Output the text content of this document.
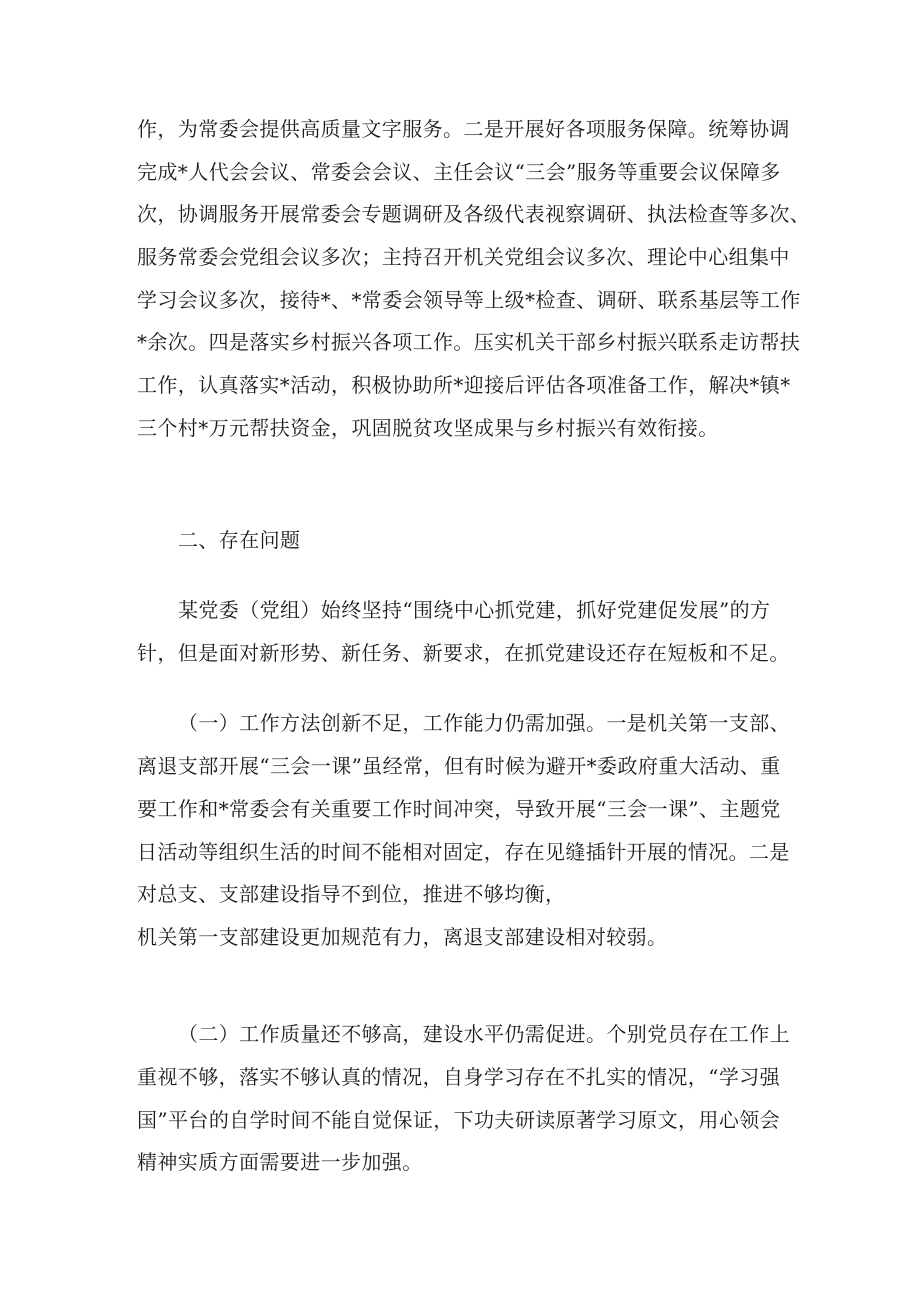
作，为常委会提供高质量文字服务。二是开展好各项服务保障。统筹协调
完成*人代会会议、常委会会议、主任会议“三会”服务等重要会议保障多
次，协调服务开展常委会专题调研及各级代表视察调研、执法检查等多次、
服务常委会党组会议多次；主持召开机关党组会议多次、理论中心组集中
学习会议多次，接待*、*常委会领导等上级*检查、调研、联系基层等工作
*余次。四是落实乡村振兴各项工作。压实机关干部乡村振兴联系走访帮扶
工作，认真落实*活动，积极协助所*迎接后评估各项准备工作，解决*镇*
三个村*万元帮扶资金，巩固脱贫攻坚成果与乡村振兴有效衔接。
二、存在问题
某党委（党组）始终坚持“围绕中心抓党建，抓好党建促发展”的方
针，但是面对新形势、新任务、新要求，在抓党建设还存在短板和不足。
（一）工作方法创新不足，工作能力仍需加强。一是机关第一支部、
离退支部开展“三会一课”虽经常，但有时候为避开*委政府重大活动、重
要工作和*常委会有关重要工作时间冲突，导致开展“三会一课”、主题党
日活动等组织生活的时间不能相对固定，存在见缝插针开展的情况。二是
对总支、支部建设指导不到位，推进不够均衡，
机关第一支部建设更加规范有力，离退支部建设相对较弱。
（二）工作质量还不够高，建设水平仍需促进。个别党员存在工作上
重视不够，落实不够认真的情况，自身学习存在不扎实的情况，“学习强
国”平台的自学时间不能自觉保证，下功夫研读原著学习原文，用心领会
精神实质方面需要进一步加强。
